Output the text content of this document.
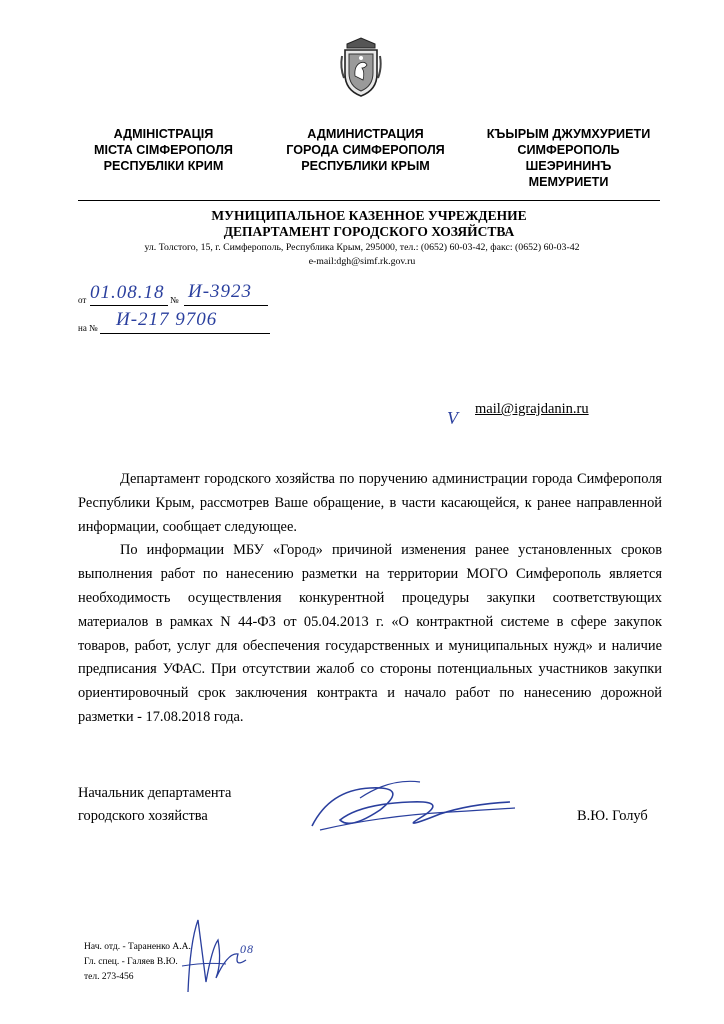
АДМІНІСТРАЦІЯ
МІСТА СІМФЕРОПОЛЯ
РЕСПУБЛІКИ КРИМ
АДМИНИСТРАЦИЯ
ГОРОДА СИМФЕРОПОЛЯ
РЕСПУБЛИКИ КРЫМ
КЪЫРЫМ ДЖУМХУРИЕТИ
СИМФЕРОПОЛЬ
ШЕЭРИНИНЪ
МЕМУРИЕТИ
МУНИЦИПАЛЬНОЕ КАЗЕННОЕ УЧРЕЖДЕНИЕ
ДЕПАРТАМЕНТ ГОРОДСКОГО ХОЗЯЙСТВА
ул. Толстого, 15, г. Симферополь, Республика Крым, 295000, тел.: (0652) 60-03-42, факс: (0652) 60-03-42
e-mail:dgh@simf.rk.gov.ru
от 01.08.18 № И-3923
на № И-217 9706
V mail@igrajdanin.ru

Департамент городского хозяйства по поручению администрации города Симферополя Республики Крым, рассмотрев Ваше обращение, в части касающейся, к ранее направленной информации, сообщает следующее.

По информации МБУ «Город» причиной изменения ранее установленных сроков выполнения работ по нанесению разметки на территории МОГО Симферополь является необходимость осуществления конкурентной процедуры закупки соответствующих материалов в рамках N 44-ФЗ от 05.04.2013 г. «О контрактной системе в сфере закупок товаров, работ, услуг для обеспечения государственных и муниципальных нужд» и наличие предписания УФАС. При отсутствии жалоб со стороны потенциальных участников закупки ориентировочный срок заключения контракта и начало работ по нанесению дорожной разметки - 17.08.2018 года.

Начальник департамента
городского хозяйства	В.Ю. Голуб
Нач. отд. - Тараненко А.А.
Гл. спец. - Галяев В.Ю.
тел. 273-456
08
